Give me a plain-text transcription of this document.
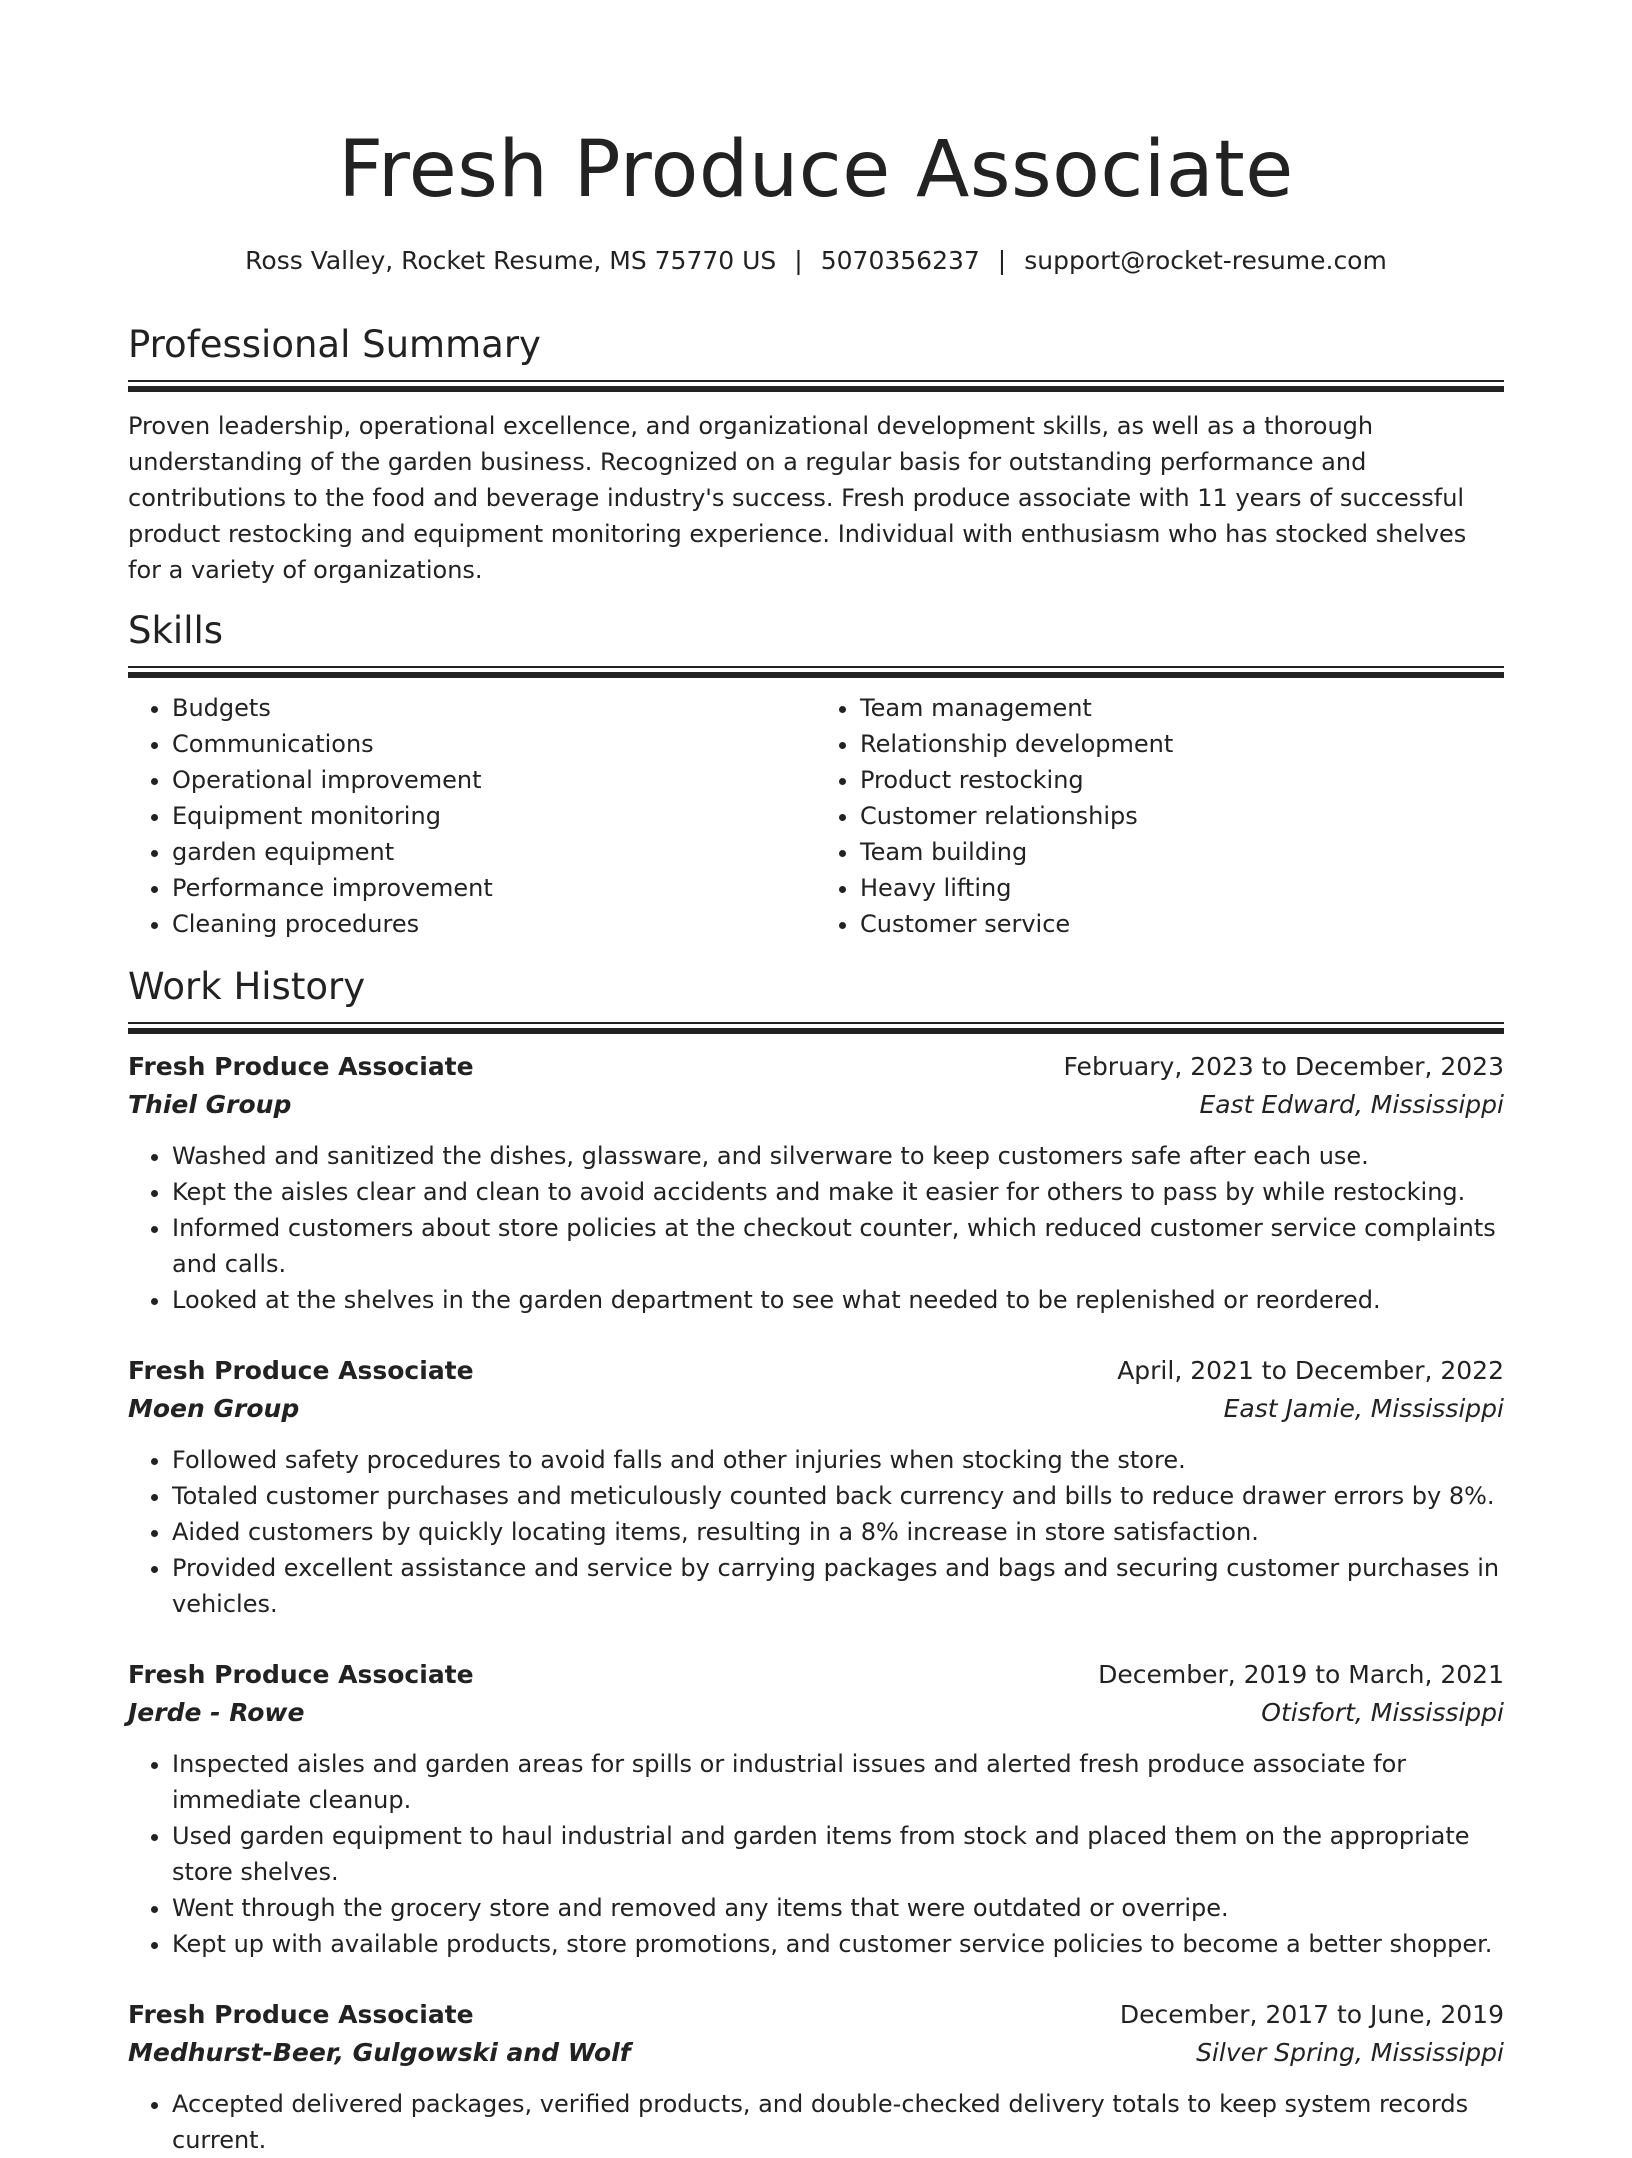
Fresh Produce Associate
Ross Valley, Rocket Resume, MS 75770 US | 5070356237 | support@rocket-resume.com
Professional Summary
Proven leadership, operational excellence, and organizational development skills, as well as a thorough understanding of the garden business. Recognized on a regular basis for outstanding performance and contributions to the food and beverage industry's success. Fresh produce associate with 11 years of successful product restocking and equipment monitoring experience. Individual with enthusiasm who has stocked shelves for a variety of organizations.
Skills
• Budgets
• Communications
• Operational improvement
• Equipment monitoring
• garden equipment
• Performance improvement
• Cleaning procedures
• Team management
• Relationship development
• Product restocking
• Customer relationships
• Team building
• Heavy lifting
• Customer service
Work History
Fresh Produce Associate	February, 2023 to December, 2023
Thiel Group	East Edward, Mississippi
• Washed and sanitized the dishes, glassware, and silverware to keep customers safe after each use.
• Kept the aisles clear and clean to avoid accidents and make it easier for others to pass by while restocking.
• Informed customers about store policies at the checkout counter, which reduced customer service complaints and calls.
• Looked at the shelves in the garden department to see what needed to be replenished or reordered.
Fresh Produce Associate	April, 2021 to December, 2022
Moen Group	East Jamie, Mississippi
• Followed safety procedures to avoid falls and other injuries when stocking the store.
• Totaled customer purchases and meticulously counted back currency and bills to reduce drawer errors by 8%.
• Aided customers by quickly locating items, resulting in a 8% increase in store satisfaction.
• Provided excellent assistance and service by carrying packages and bags and securing customer purchases in vehicles.
Fresh Produce Associate	December, 2019 to March, 2021
Jerde - Rowe	Otisfort, Mississippi
• Inspected aisles and garden areas for spills or industrial issues and alerted fresh produce associate for immediate cleanup.
• Used garden equipment to haul industrial and garden items from stock and placed them on the appropriate store shelves.
• Went through the grocery store and removed any items that were outdated or overripe.
• Kept up with available products, store promotions, and customer service policies to become a better shopper.
Fresh Produce Associate	December, 2017 to June, 2019
Medhurst-Beer, Gulgowski and Wolf	Silver Spring, Mississippi
• Accepted delivered packages, verified products, and double-checked delivery totals to keep system records current.
